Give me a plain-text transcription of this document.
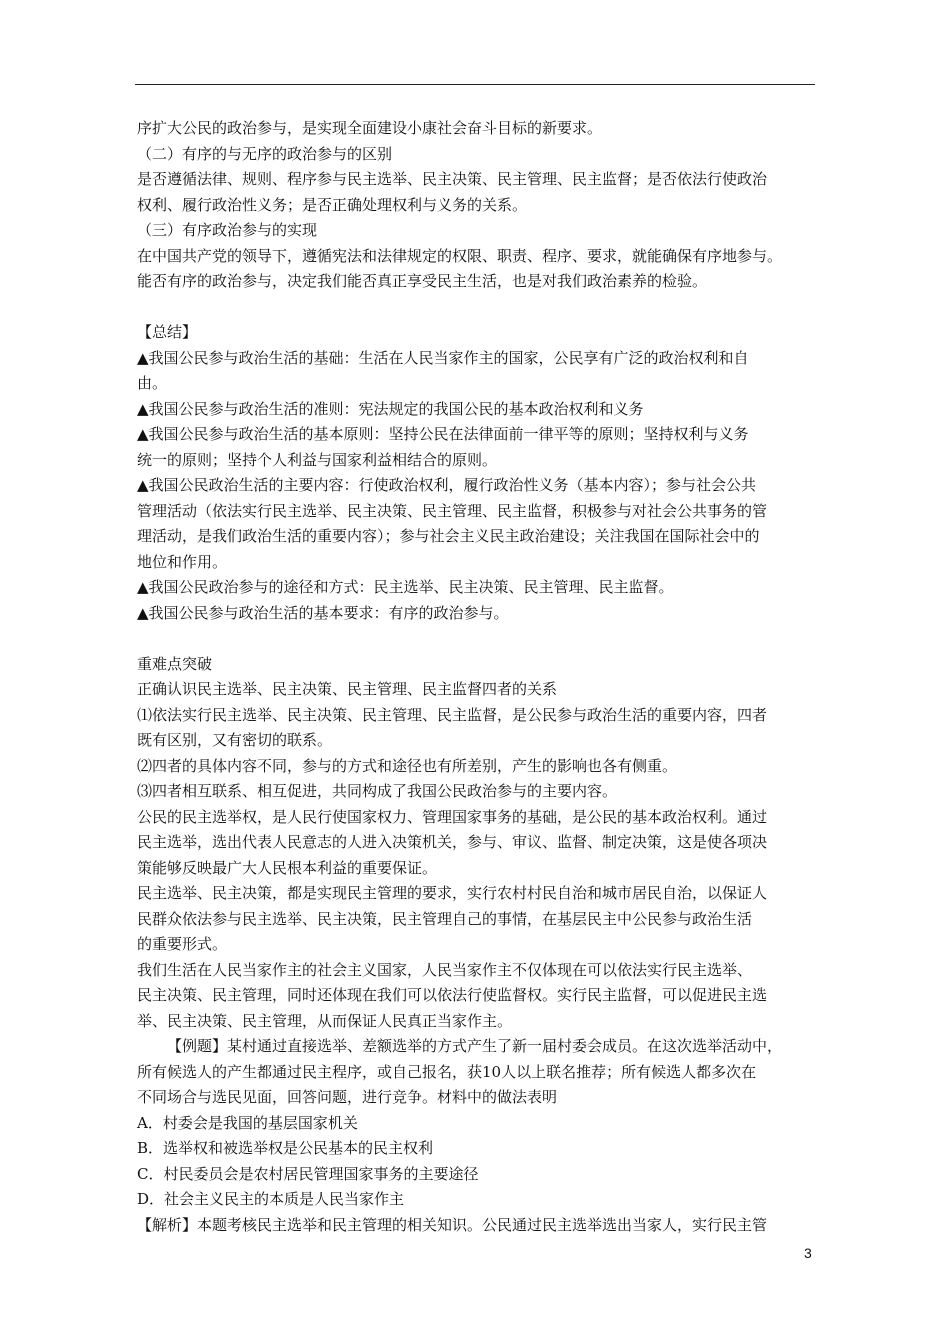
序扩大公民的政治参与，是实现全面建设小康社会奋斗目标的新要求。
（二）有序的与无序的政治参与的区别
是否遵循法律、规则、程序参与民主选举、民主决策、民主管理、民主监督；是否依法行使政治
权利、履行政治性义务；是否正确处理权利与义务的关系。
（三）有序政治参与的实现
在中国共产党的领导下，遵循宪法和法律规定的权限、职责、程序、要求，就能确保有序地参与。
能否有序的政治参与，决定我们能否真正享受民主生活，也是对我们政治素养的检验。
【总结】
▲我国公民参与政治生活的基础：生活在人民当家作主的国家，公民享有广泛的政治权利和自
由。
▲我国公民参与政治生活的准则：宪法规定的我国公民的基本政治权利和义务
▲我国公民参与政治生活的基本原则：坚持公民在法律面前一律平等的原则；坚持权利与义务
统一的原则；坚持个人利益与国家利益相结合的原则。
▲我国公民政治生活的主要内容：行使政治权利，履行政治性义务（基本内容）；参与社会公共
管理活动（依法实行民主选举、民主决策、民主管理、民主监督，积极参与对社会公共事务的管
理活动，是我们政治生活的重要内容）；参与社会主义民主政治建设；关注我国在国际社会中的
地位和作用。
▲我国公民政治参与的途径和方式：民主选举、民主决策、民主管理、民主监督。
▲我国公民参与政治生活的基本要求：有序的政治参与。
重难点突破
正确认识民主选举、民主决策、民主管理、民主监督四者的关系
⑴依法实行民主选举、民主决策、民主管理、民主监督，是公民参与政治生活的重要内容，四者
既有区别，又有密切的联系。
⑵四者的具体内容不同，参与的方式和途径也有所差别，产生的影响也各有侧重。
⑶四者相互联系、相互促进，共同构成了我国公民政治参与的主要内容。
公民的民主选举权，是人民行使国家权力、管理国家事务的基础，是公民的基本政治权利。通过
民主选举，选出代表人民意志的人进入决策机关，参与、审议、监督、制定决策，这是使各项决
策能够反映最广大人民根本利益的重要保证。
民主选举、民主决策，都是实现民主管理的要求，实行农村村民自治和城市居民自治，以保证人
民群众依法参与民主选举、民主决策，民主管理自己的事情，在基层民主中公民参与政治生活
的重要形式。
我们生活在人民当家作主的社会主义国家，人民当家作主不仅体现在可以依法实行民主选举、
民主决策、民主管理，同时还体现在我们可以依法行使监督权。实行民主监督，可以促进民主选
举、民主决策、民主管理，从而保证人民真正当家作主。
【例题】某村通过直接选举、差额选举的方式产生了新一届村委会成员。在这次选举活动中，
所有候选人的产生都通过民主程序，或自己报名，获10人以上联名推荐；所有候选人都多次在
不同场合与选民见面，回答问题，进行竞争。材料中的做法表明
A．村委会是我国的基层国家机关
B．选举权和被选举权是公民基本的民主权利
C．村民委员会是农村居民管理国家事务的主要途径
D．社会主义民主的本质是人民当家作主
【解析】本题考核民主选举和民主管理的相关知识。公民通过民主选举选出当家人，实行民主管
3
